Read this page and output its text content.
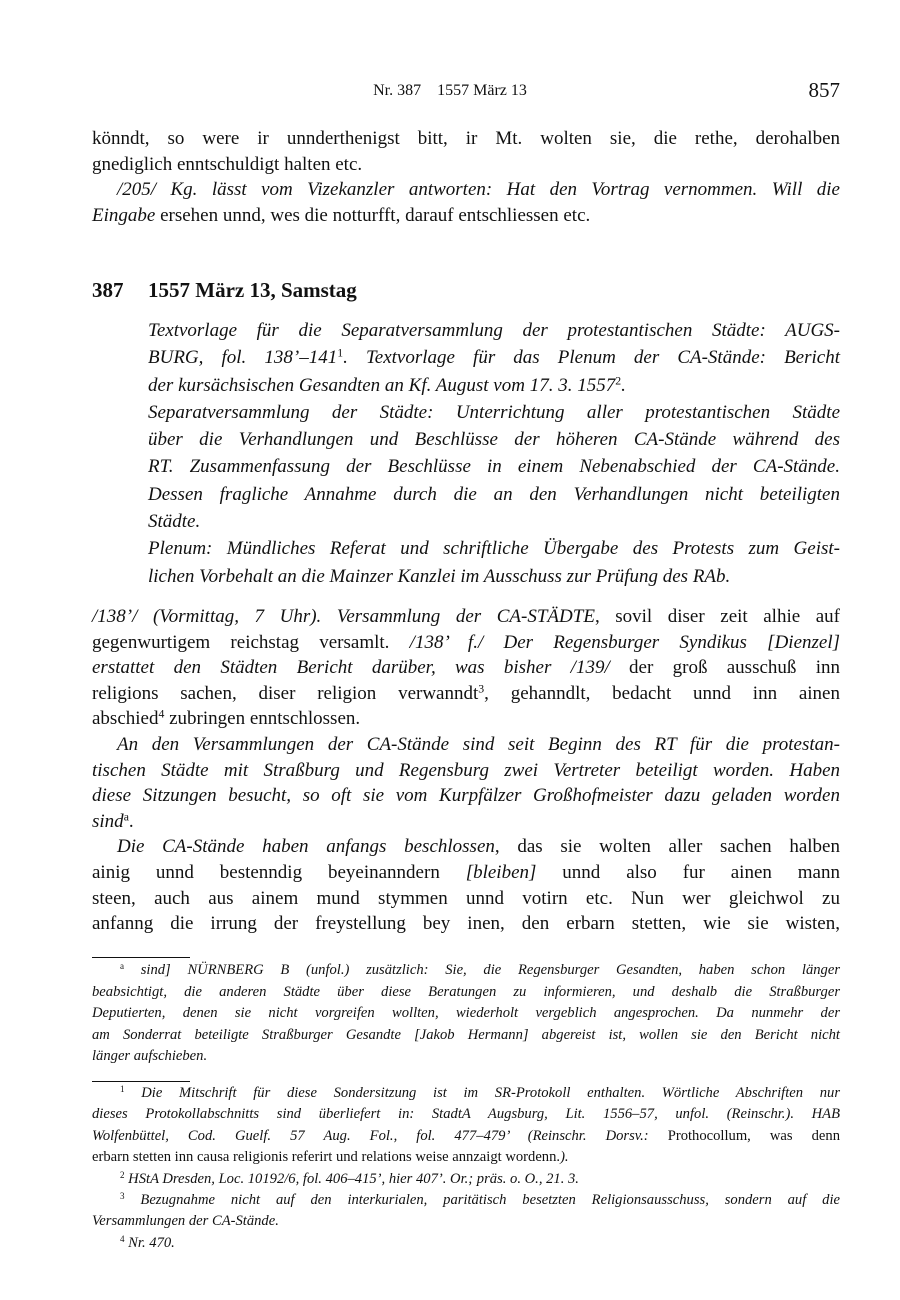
Nr. 387    1557 März 13	857
könndt, so were ir unnderthenigst bitt, ir Mt. wolten sie, die rethe, derohalben
gnediglich enntschuldigt halten etc.
/205/ Kg. lässt vom Vizekanzler antworten: Hat den Vortrag vernommen. Will die
Eingabe ersehen unnd, wes die notturfft, darauf entschliessen etc.
387 1557 März 13, Samstag
Textvorlage für die Separatversammlung der protestantischen Städte: AUGS-
BURG, fol. $138’-141^1$. Textvorlage für das Plenum der CA-Stände: Bericht
der kursächsischen Gesandten an Kf. August vom 17. 3. 1557$^2$.
Separatversammlung der Städte: Unterrichtung aller protestantischen Städte
über die Verhandlungen und Beschlüsse der höheren CA-Stände während des
RT. Zusammenfassung der Beschlüsse in einem Nebenabschied der CA-Stände.
Dessen fragliche Annahme durch die an den Verhandlungen nicht beteiligten
Städte.
Plenum: Mündliches Referat und schriftliche Übergabe des Protests zum Geist-
lichen Vorbehalt an die Mainzer Kanzlei im Ausschuss zur Prüfung des RAb.
/138’/ (Vormittag, 7 Uhr). Versammlung der CA-STÄDTE, sovil diser zeit alhie auf
gegenwurtigem reichstag versamlt. /138’ f./ Der Regensburger Syndikus [Dienzel]
erstattet den Städten Bericht darüber, was bisher /139/ der groß ausschuß inn
religions sachen, diser religion verwanndt$^3$, gehanndlt, bedacht unnd inn ainen
abschied$^4$ zubringen enntschlossen.
An den Versammlungen der CA-Stände sind seit Beginn des RT für die protestan-
tischen Städte mit Straßburg und Regensburg zwei Vertreter beteiligt worden. Haben
diese Sitzungen besucht, so oft sie vom Kurpfälzer Großhofmeister dazu geladen worden
sind$^a$.
Die CA-Stände haben anfangs beschlossen, das sie wolten aller sachen halben
ainig unnd bestenndig beyeinanndern [bleiben] unnd also fur ainen mann
steen, auch aus ainem mund stymmen unnd votirn etc. Nun wer gleichwol zu
anfanng die irrung der freystellung bey inen, den erbarn stetten, wie sie wisten,
$^a$ sind] NÜRNBERG B (unfol.) zusätzlich: Sie, die Regensburger Gesandten, haben schon länger
beabsichtigt, die anderen Städte über diese Beratungen zu informieren, und deshalb die Straßburger
Deputierten, denen sie nicht vorgreifen wollten, wiederholt vergeblich angesprochen. Da nunmehr der
am Sonderrat beteiligte Straßburger Gesandte [Jakob Hermann] abgereist ist, wollen sie den Bericht nicht
länger aufschieben.
$^1$ Die Mitschrift für diese Sondersitzung ist im SR-Protokoll enthalten. Wörtliche Abschriften nur
dieses Protokollabschnitts sind überliefert in: StadtA Augsburg, Lit. 1556–57, unfol. (Reinschr.). HAB
Wolfenbüttel, Cod. Guelf. 57 Aug. Fol., fol. 477–479’ (Reinschr. Dorsv.: Prothocollum, was denn
erbarn stetten inn causa religionis referirt und relations weise annzaigt wordenn.).
$^2$ HStA Dresden, Loc. 10192/6, fol. 406–415’, hier 407’. Or.; präs. o. O., 21. 3.
$^3$ Bezugnahme nicht auf den interkurialen, paritätisch besetzten Religionsausschuss, sondern auf die
Versammlungen der CA-Stände.
$^4$ Nr. 470.
